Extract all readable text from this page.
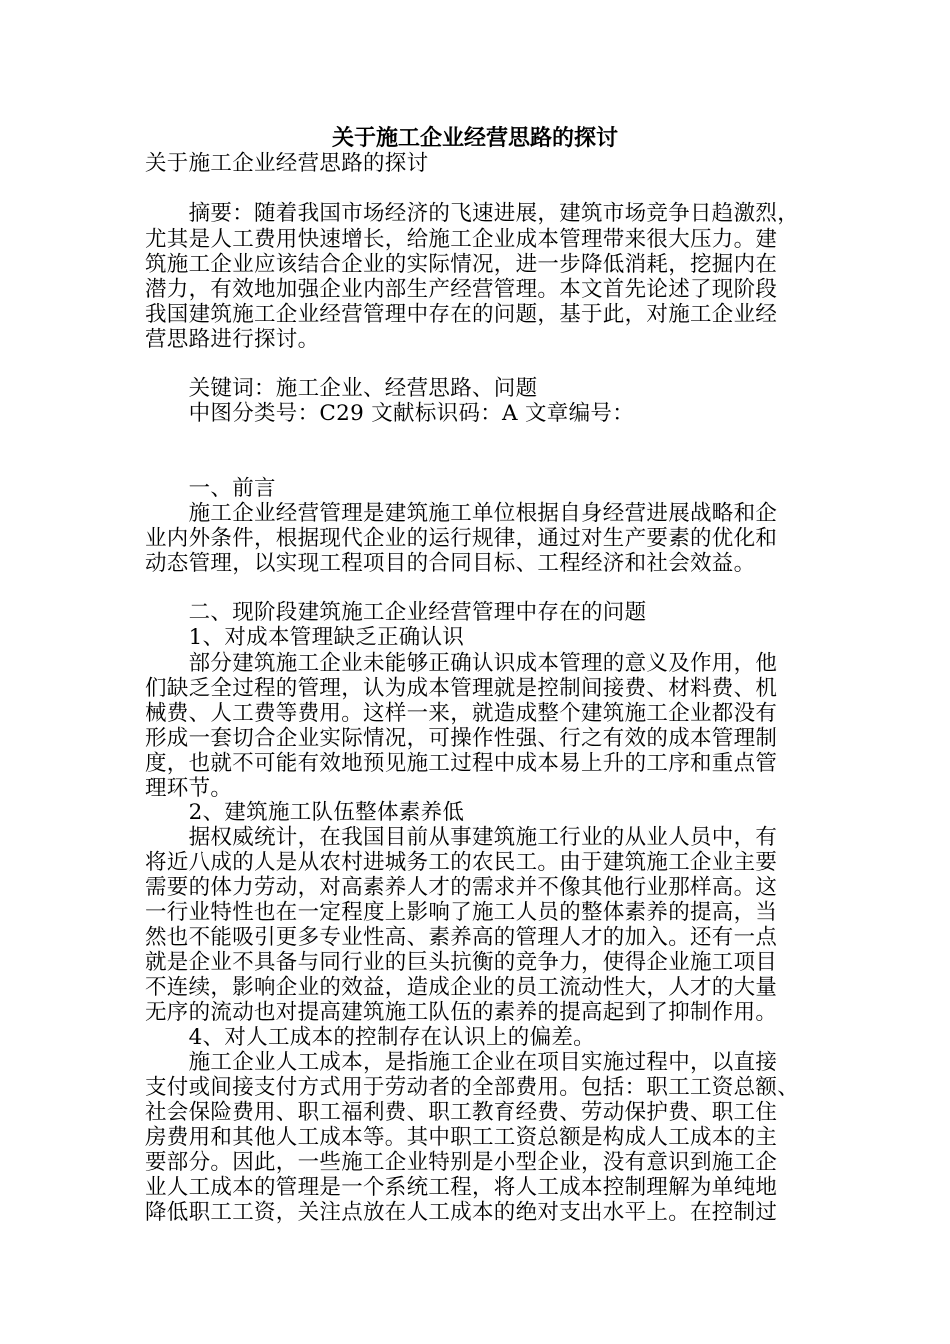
关于施工企业经营思路的探讨
关于施工企业经营思路的探讨
　　摘要：随着我国市场经济的飞速进展，建筑市场竞争日趋激烈，
尤其是人工费用快速增长，给施工企业成本管理带来很大压力。建
筑施工企业应该结合企业的实际情况，进一步降低消耗，挖掘内在
潜力，有效地加强企业内部生产经营管理。本文首先论述了现阶段
我国建筑施工企业经营管理中存在的问题，基于此，对施工企业经
营思路进行探讨。
　　关键词：施工企业、经营思路、问题
　　中图分类号：C29 文献标识码：A 文章编号：
　　一、前言
　　施工企业经营管理是建筑施工单位根据自身经营进展战略和企
业内外条件，根据现代企业的运行规律，通过对生产要素的优化和
动态管理，以实现工程项目的合同目标、工程经济和社会效益。
　　二、现阶段建筑施工企业经营管理中存在的问题
　　1、对成本管理缺乏正确认识
　　部分建筑施工企业未能够正确认识成本管理的意义及作用，他
们缺乏全过程的管理，认为成本管理就是控制间接费、材料费、机
械费、人工费等费用。这样一来，就造成整个建筑施工企业都没有
形成一套切合企业实际情况，可操作性强、行之有效的成本管理制
度，也就不可能有效地预见施工过程中成本易上升的工序和重点管
理环节。
　　2、建筑施工队伍整体素养低
　　据权威统计，在我国目前从事建筑施工行业的从业人员中，有
将近八成的人是从农村进城务工的农民工。由于建筑施工企业主要
需要的体力劳动，对高素养人才的需求并不像其他行业那样高。这
一行业特性也在一定程度上影响了施工人员的整体素养的提高，当
然也不能吸引更多专业性高、素养高的管理人才的加入。还有一点
就是企业不具备与同行业的巨头抗衡的竞争力，使得企业施工项目
不连续，影响企业的效益，造成企业的员工流动性大，人才的大量
无序的流动也对提高建筑施工队伍的素养的提高起到了抑制作用。
　　4、对人工成本的控制存在认识上的偏差。
　　施工企业人工成本，是指施工企业在项目实施过程中，以直接
支付或间接支付方式用于劳动者的全部费用。包括：职工工资总额、
社会保险费用、职工福利费、职工教育经费、劳动保护费、职工住
房费用和其他人工成本等。其中职工工资总额是构成人工成本的主
要部分。因此，一些施工企业特别是小型企业，没有意识到施工企
业人工成本的管理是一个系统工程，将人工成本控制理解为单纯地
降低职工工资，关注点放在人工成本的绝对支出水平上。在控制过
